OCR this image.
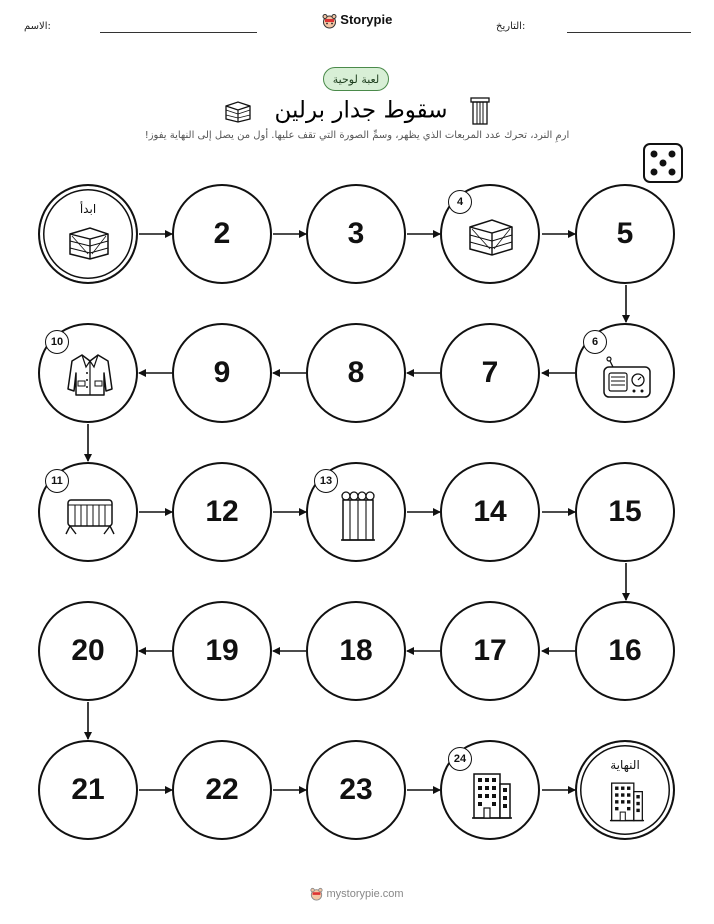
الاسم:	التاريخ:
Storypie
لعبة لوحية
سقوط جدار برلين
ارمِ النرد، تحرك عدد المربعات الذي يظهر، وسمِّ الصورة التي تقف عليها. أول من يصل إلى النهاية يفوز!
ابدأ
2	3
4
5
10
9	8	7
6
11
12
13
14	15
20	19	18	17	16
21	22	23
24	النهاية
mystorypie.com
